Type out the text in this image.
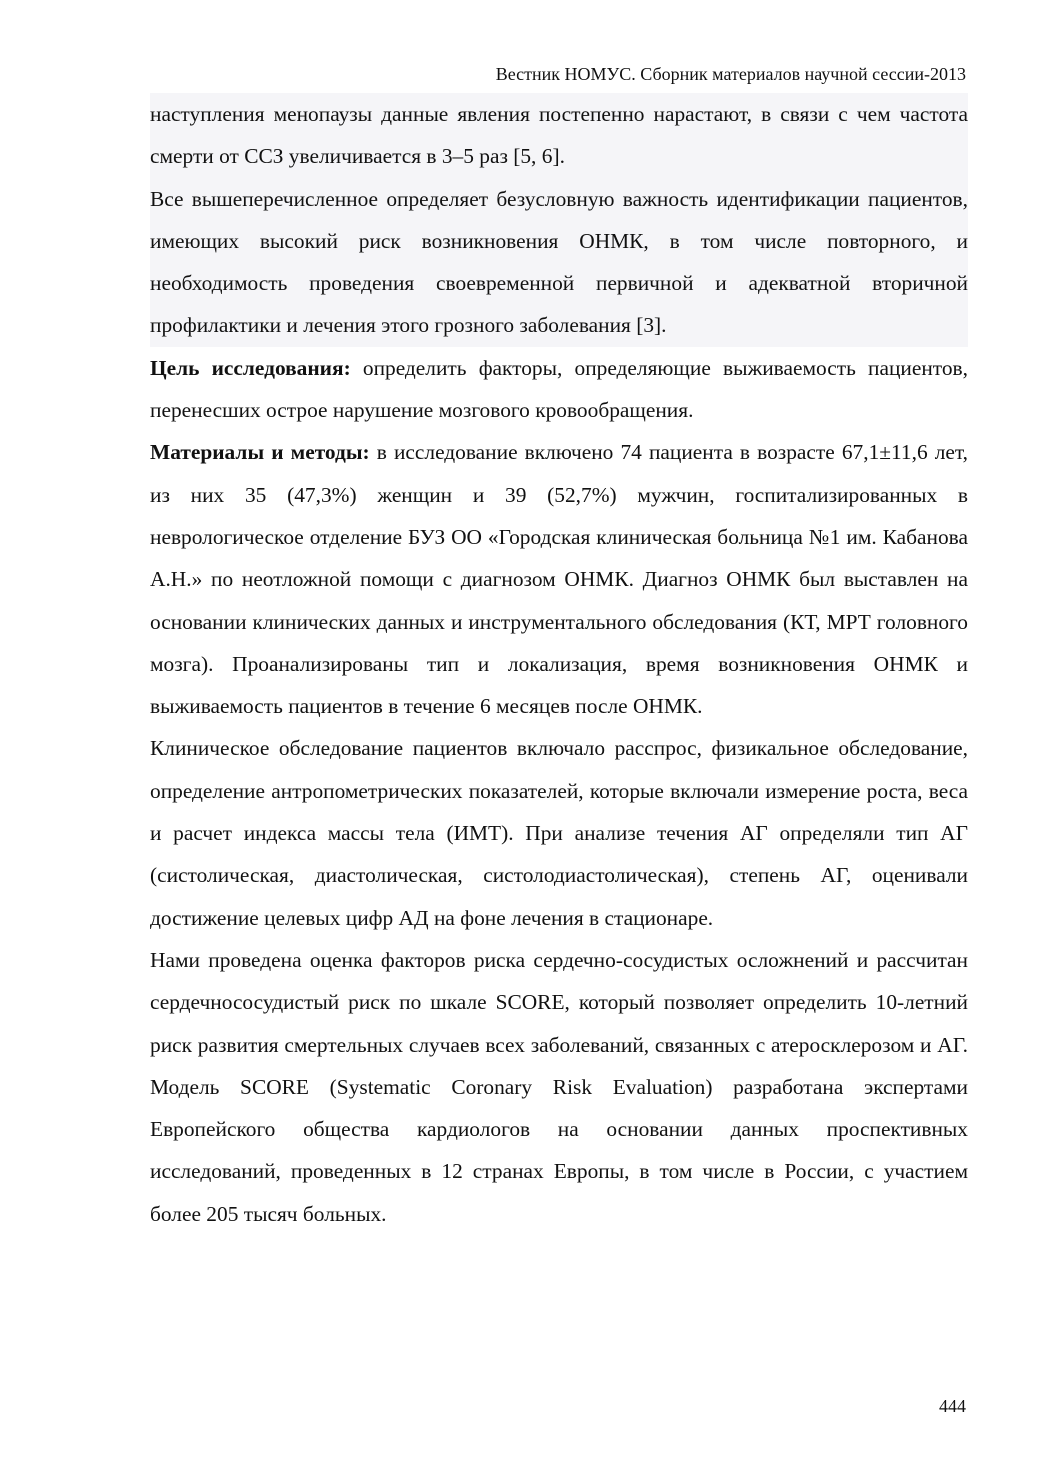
Вестник НОМУС. Сборник материалов научной сессии-2013

наступления менопаузы данные явления постепенно нарастают, в связи с чем частота смерти от ССЗ увеличивается в 3–5 раз [5, 6].

Все вышеперечисленное определяет безусловную важность идентификации пациентов, имеющих высокий риск возникновения ОНМК, в том числе повторного, и необходимость проведения своевременной первичной и адекватной вторичной профилактики и лечения этого грозного заболевания [3].

Цель исследования: определить факторы, определяющие выживаемость пациентов, перенесших острое нарушение мозгового кровообращения.

Материалы и методы: в исследование включено 74 пациента в возрасте 67,1±11,6 лет, из них 35 (47,3%) женщин и 39 (52,7%) мужчин, госпитализированных в неврологическое отделение БУЗ ОО «Городская клиническая больница №1 им. Кабанова А.Н.» по неотложной помощи с диагнозом ОНМК. Диагноз ОНМК был выставлен на основании клинических данных и инструментального обследования (КТ, МРТ головного мозга). Проанализированы тип и локализация, время возникновения ОНМК и выживаемость пациентов в течение 6 месяцев после ОНМК.

Клиническое обследование пациентов включало расспрос, физикальное обследование, определение антропометрических показателей, которые включали измерение роста, веса и расчет индекса массы тела (ИМТ). При анализе течения АГ определяли тип АГ (систолическая, диастолическая, систолодиастолическая), степень АГ, оценивали достижение целевых цифр АД на фоне лечения в стационаре.

Нами проведена оценка факторов риска сердечно-сосудистых осложнений и рассчитан сердечнососудистый риск по шкале SCORE, который позволяет определить 10-летний риск развития смертельных случаев всех заболеваний, связанных с атеросклерозом и АГ. Модель SCORE (Systematic Coronary Risk Evaluation) разработана экспертами Европейского общества кардиологов на основании данных проспективных исследований, проведенных в 12 странах Европы, в том числе в России, с участием более 205 тысяч больных.

444
